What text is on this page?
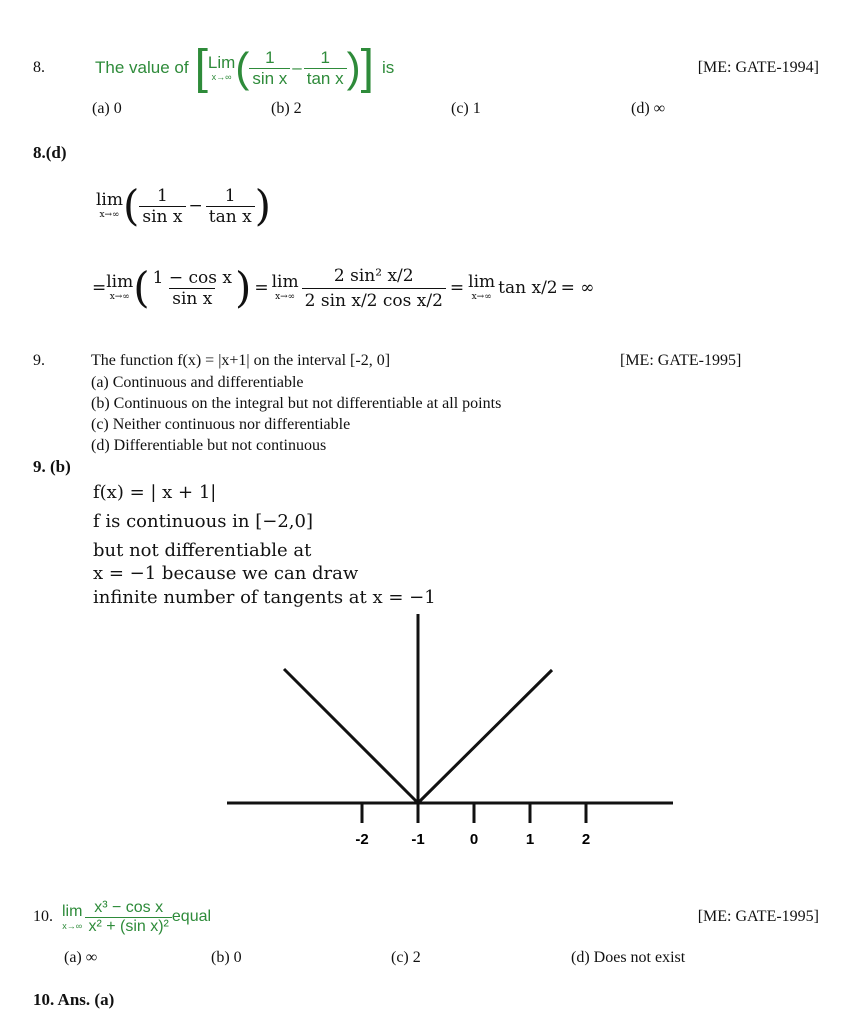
8.	The value of [ Lim
x→∞ ( $\frac{1}{\text{sin x}} - \frac{1}{\text{tan x}}$ ) ] is	[ME: GATE-1994]
(a) 0	(b) 2	(c) 1	(d) ∞
8.(d)
lim
x→∞ ( $\frac{1}{\text{sin x}} - \frac{1}{\text{tan x}}$ )
= lim
x→∞ ( $\frac{\text{1 − cos x}}{\text{sin x}}$ ) = lim
$x\to\infty \frac{\text{2 sin² x/2}}{\text{2 sin x/2 cos x/2}} = \lim$
x→∞ tan x/2 = ∞
9.	The function f(x) = |x+1| on the interval [-2, 0]	[ME: GATE-1995]
(a) Continuous and differentiable
(b) Continuous on the integral but not differentiable at all points
(c) Neither continuous nor differentiable
(d) Differentiable but not continuous
9. (b)
f(x) = | x + 1|
f is continuous in [−2,0]
but not differentiable at
x = −1 because we can draw
infinite number of tangents at x = −1
-2	-1	0	1	2
10. lim
$x\to\infty \frac{\text{x³ − cos x}}{\text{x² + (sin x)²}}$ equal	[ME: GATE-1995]
(a) ∞	(b) 0	(c) 2	(d) Does not exist
10. Ans. (a)
